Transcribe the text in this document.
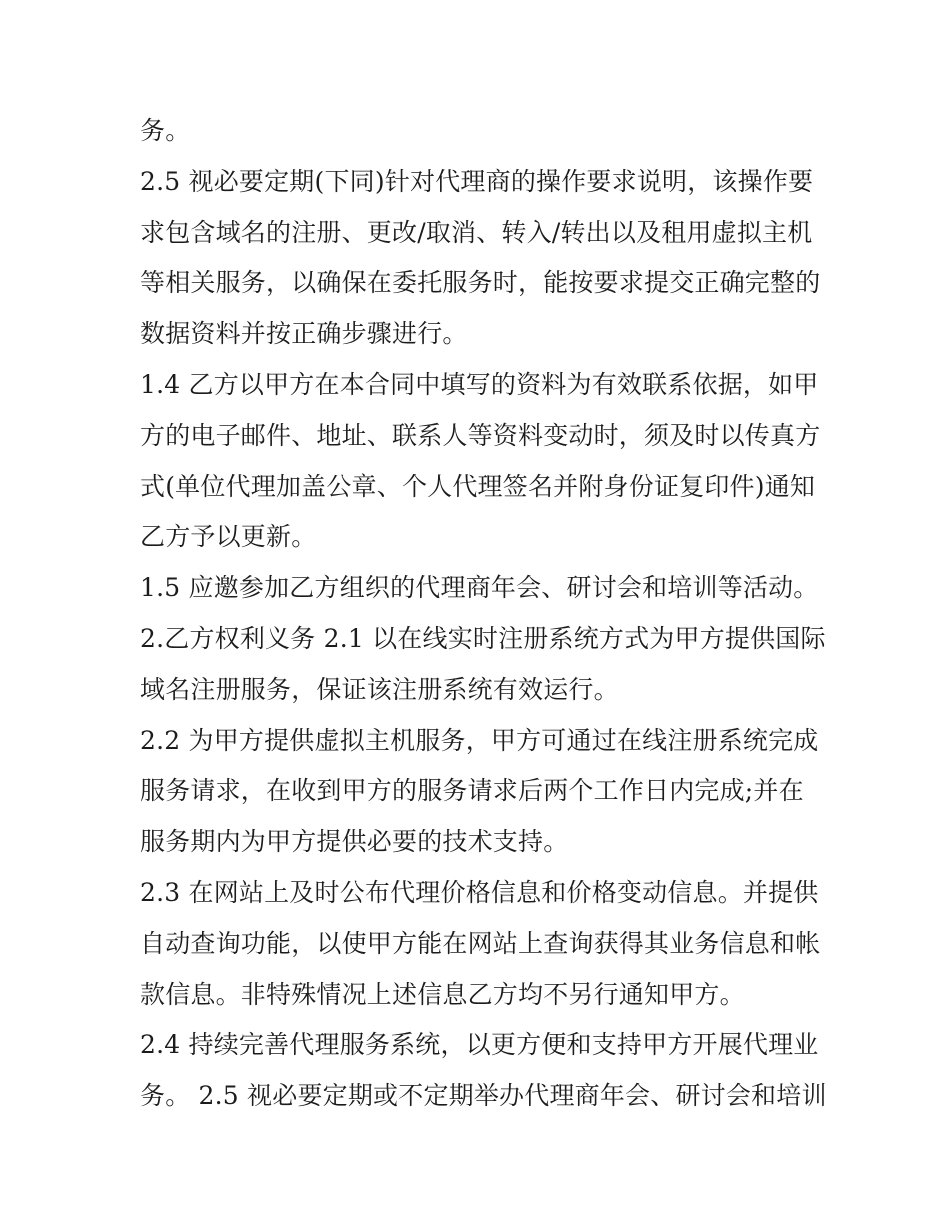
务。
2.5 视必要定期(下同)针对代理商的操作要求说明，该操作要
求包含域名的注册、更改/取消、转入/转出以及租用虚拟主机
等相关服务，以确保在委托服务时，能按要求提交正确完整的
数据资料并按正确步骤进行。
1.4 乙方以甲方在本合同中填写的资料为有效联系依据，如甲
方的电子邮件、地址、联系人等资料变动时，须及时以传真方
式(单位代理加盖公章、个人代理签名并附身份证复印件)通知
乙方予以更新。
1.5 应邀参加乙方组织的代理商年会、研讨会和培训等活动。
2.乙方权利义务 2.1 以在线实时注册系统方式为甲方提供国际
域名注册服务，保证该注册系统有效运行。
2.2 为甲方提供虚拟主机服务，甲方可通过在线注册系统完成
服务请求，在收到甲方的服务请求后两个工作日内完成;并在
服务期内为甲方提供必要的技术支持。
2.3 在网站上及时公布代理价格信息和价格变动信息。并提供
自动查询功能，以使甲方能在网站上查询获得其业务信息和帐
款信息。非特殊情况上述信息乙方均不另行通知甲方。
2.4 持续完善代理服务系统，以更方便和支持甲方开展代理业
务。 2.5 视必要定期或不定期举办代理商年会、研讨会和培训
